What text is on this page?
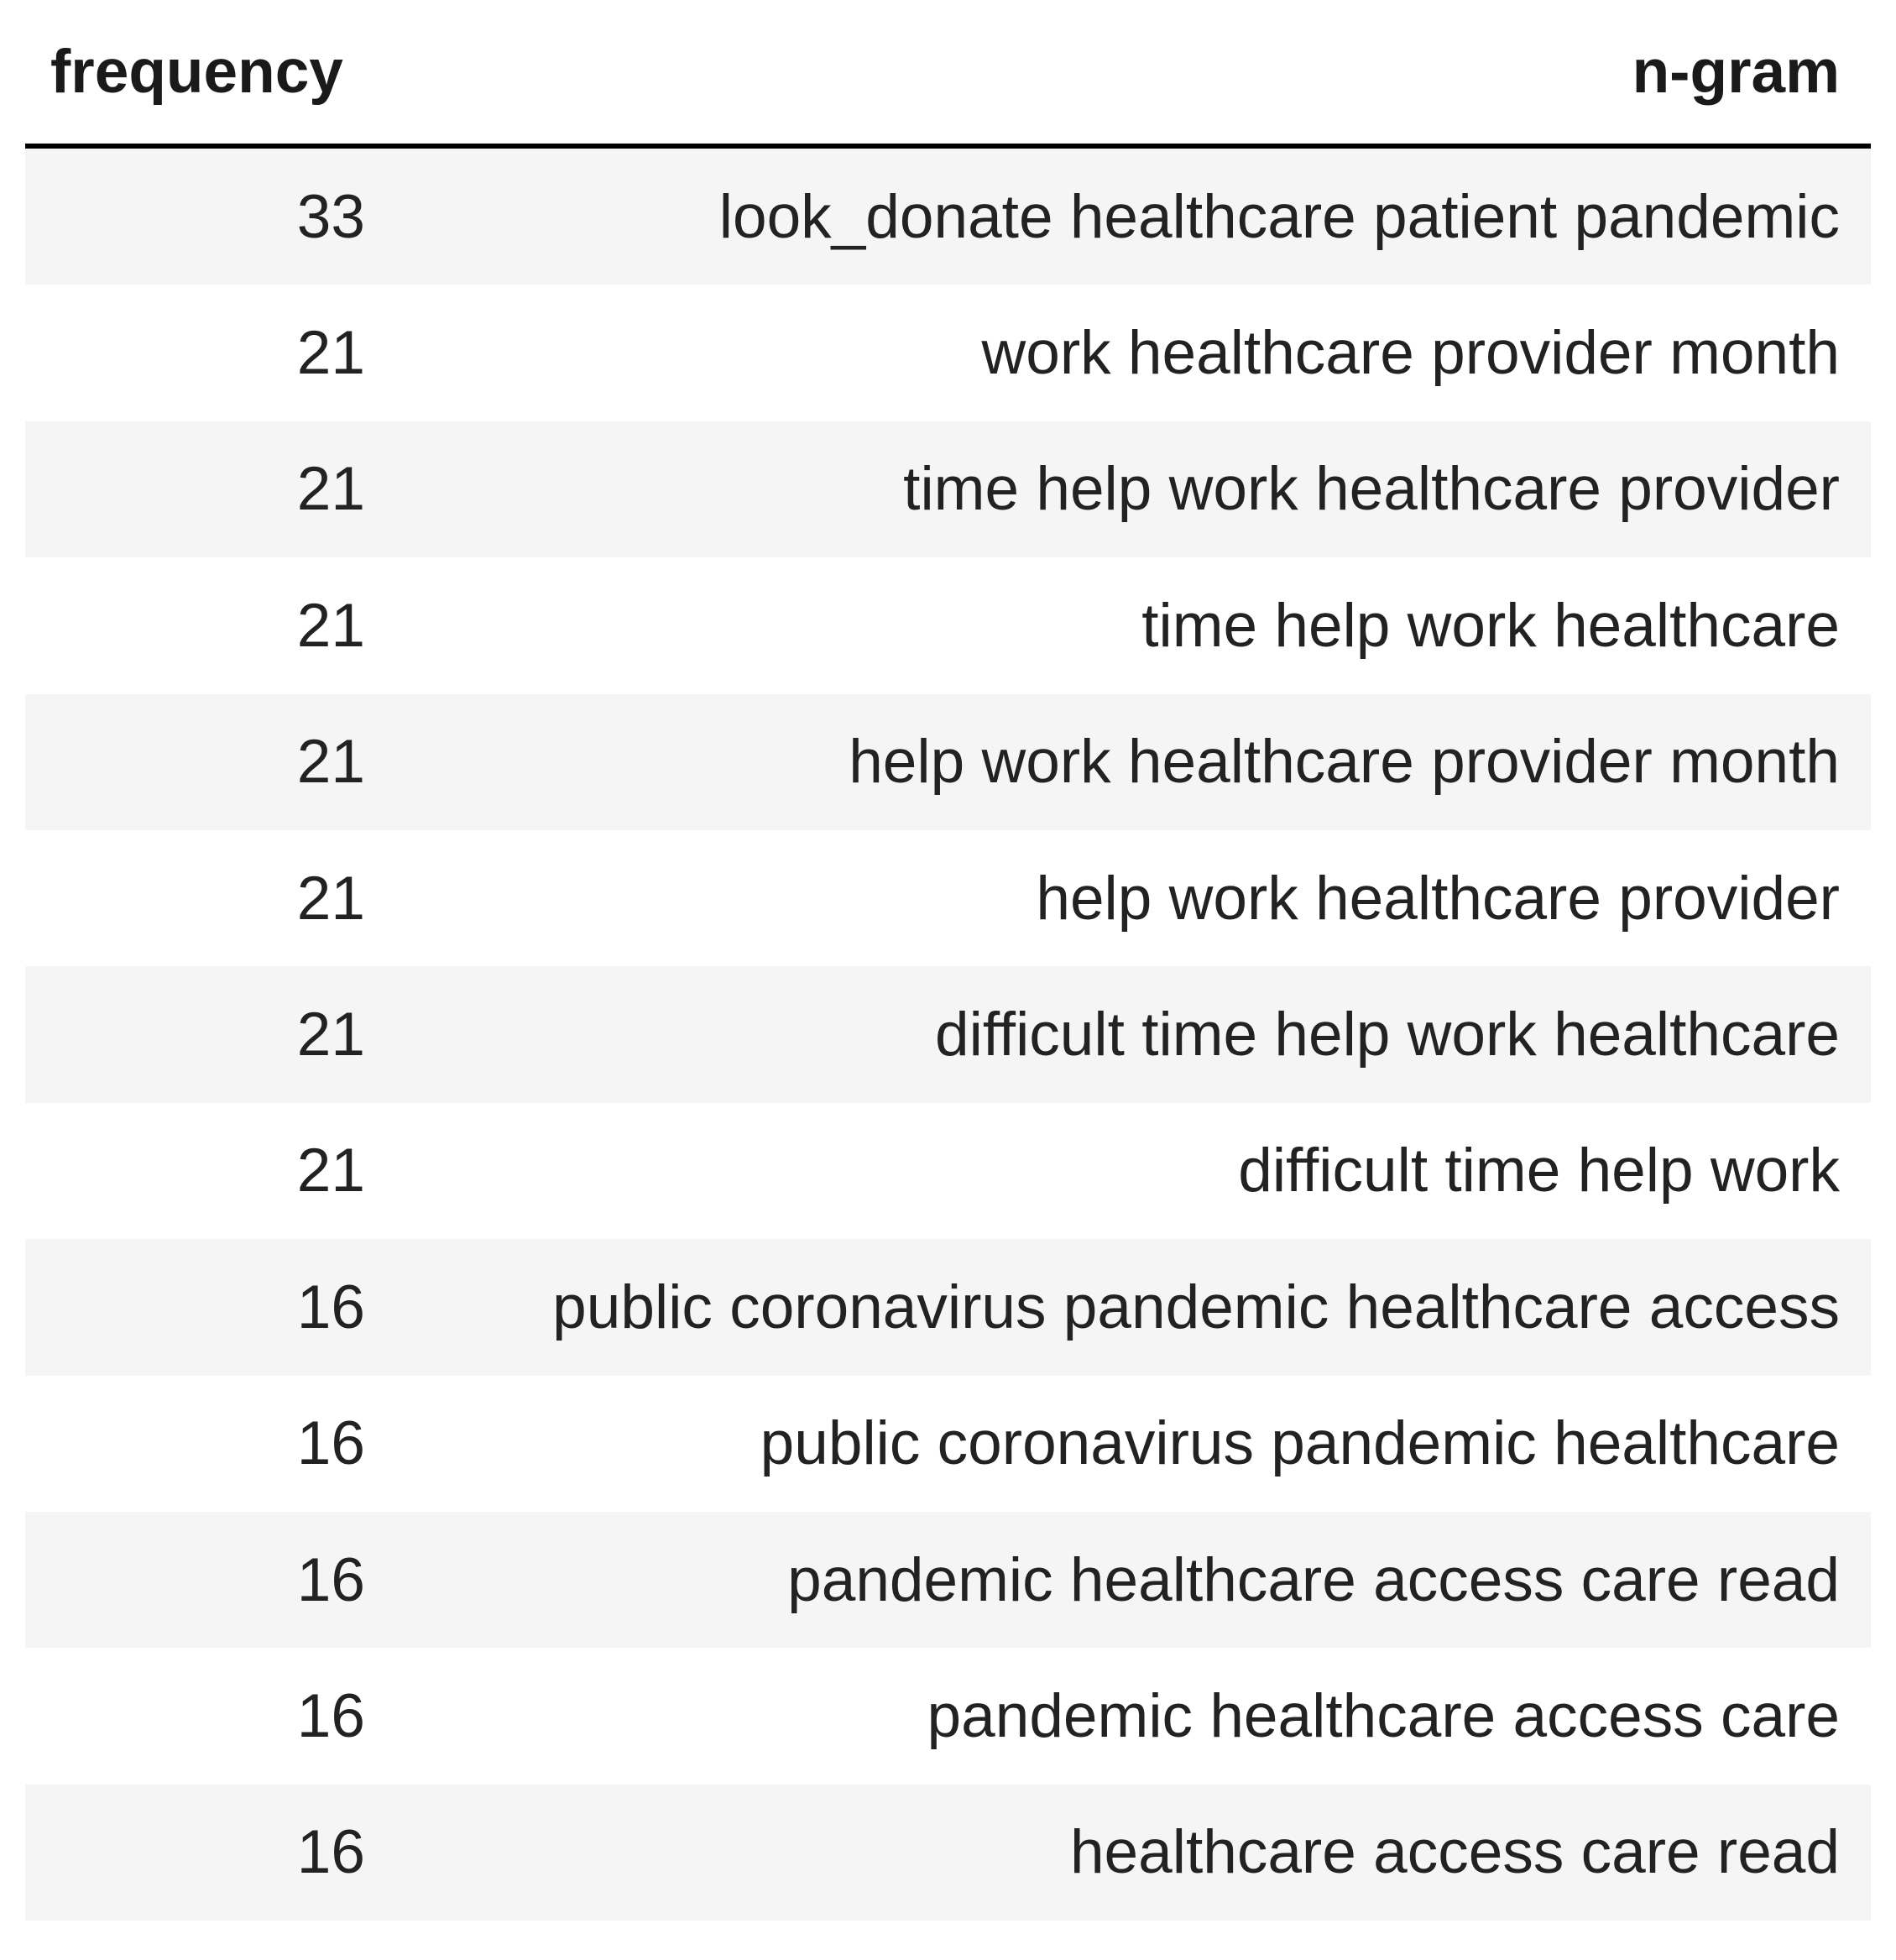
frequency	n-gram
33	look_donate healthcare patient pandemic
21	work healthcare provider month
21	time help work healthcare provider
21	time help work healthcare
21	help work healthcare provider month
21	help work healthcare provider
21	difficult time help work healthcare
21	difficult time help work
16	public coronavirus pandemic healthcare access
16	public coronavirus pandemic healthcare
16	pandemic healthcare access care read
16	pandemic healthcare access care
16	healthcare access care read
